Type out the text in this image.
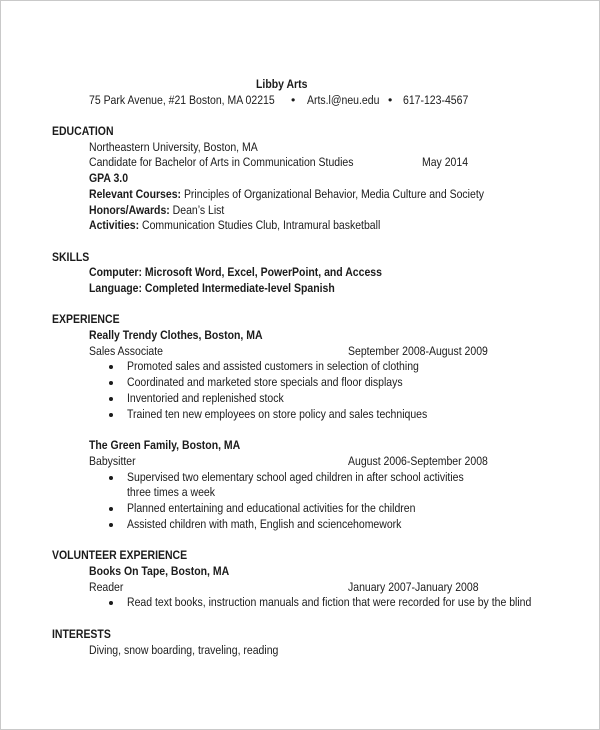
Libby Arts
75 Park Avenue, #21 Boston, MA 02215 • Arts.l@neu.edu • 617-123-4567
EDUCATION
Northeastern University, Boston, MA
Candidate for Bachelor of Arts in Communication Studies	May 2014
GPA 3.0
Relevant Courses: Principles of Organizational Behavior, Media Culture and Society
Honors/Awards: Dean’s List
Activities: Communication Studies Club, Intramural basketball
SKILLS
Computer: Microsoft Word, Excel, PowerPoint, and Access
Language: Completed Intermediate-level Spanish
EXPERIENCE
Really Trendy Clothes, Boston, MA
Sales Associate	September 2008-August 2009
Promoted sales and assisted customers in selection of clothing
Coordinated and marketed store specials and floor displays
Inventoried and replenished stock
Trained ten new employees on store policy and sales techniques
The Green Family, Boston, MA
Babysitter	August 2006-September 2008
Supervised two elementary school aged children in after school activities
three times a week
Planned entertaining and educational activities for the children
Assisted children with math, English and sciencehomework
VOLUNTEER EXPERIENCE
Books On Tape, Boston, MA
Reader	January 2007-January 2008
Read text books, instruction manuals and fiction that were recorded for use by the blind
INTERESTS
Diving, snow boarding, traveling, reading
